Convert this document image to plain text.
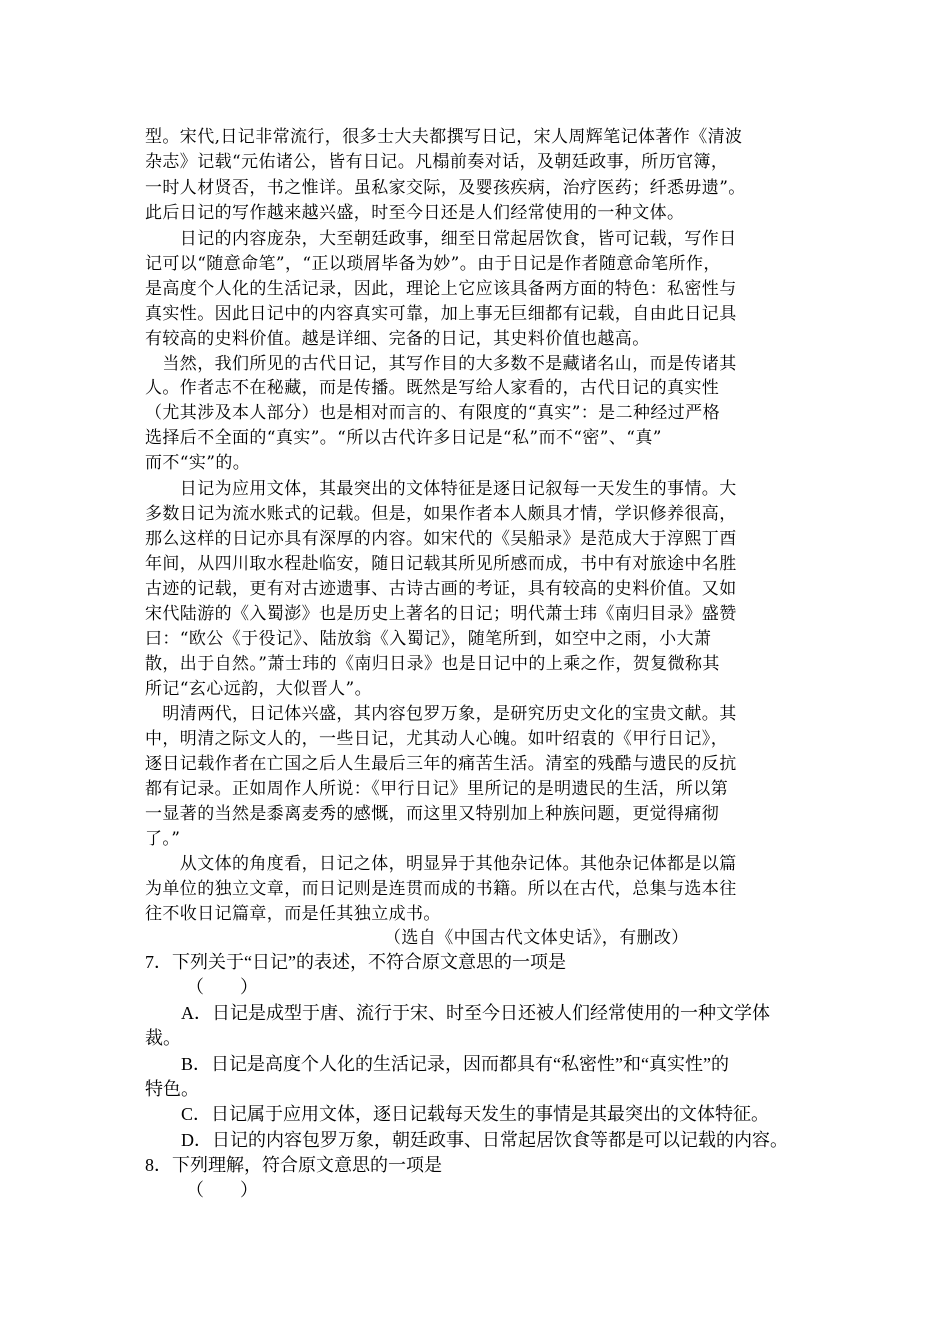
型。宋代,日记非常流行，很多士大夫都撰写日记，宋人周辉笔记体著作《清波
杂志》记载“元佑诸公，皆有日记。凡榻前奏对话，及朝廷政事，所历官簿，
一时人材贤否，书之惟详。虽私家交际，及婴孩疾病，治疗医药；纤悉毋遗”。
此后日记的写作越来越兴盛，时至今日还是人们经常使用的一种文体。
　　日记的内容庞杂，大至朝廷政事，细至日常起居饮食，皆可记载，写作日
记可以“随意命笔”，“正以琐屑毕备为妙”。由于日记是作者随意命笔所作，
是高度个人化的生活记录，因此，理论上它应该具备两方面的特色：私密性与
真实性。因此日记中的内容真实可靠，加上事无巨细都有记载，自由此日记具
有较高的史料价值。越是详细、完备的日记，其史料价值也越高。
　当然，我们所见的古代日记，其写作目的大多数不是藏诸名山，而是传诸其
人。作者志不在秘藏，而是传播。既然是写给人家看的，古代日记的真实性
（尤其涉及本人部分）也是相对而言的、有限度的“真实”：是二种经过严格
选择后不全面的“真实”。“所以古代许多日记是“私”而不“密”、“真”
而不“实”的。
　　日记为应用文体，其最突出的文体特征是逐日记叙每一天发生的事情。大
多数日记为流水账式的记载。但是，如果作者本人颇具才情，学识修养很高，
那么这样的日记亦具有深厚的内容。如宋代的《吴船录》是范成大于淳熙丁酉
年间，从四川取水程赴临安，随日记载其所见所感而成，书中有对旅途中名胜
古迹的记载，更有对古迹遗事、古诗古画的考证，具有较高的史料价值。又如
宋代陆游的《入蜀澎》也是历史上著名的日记；明代萧士玮《南归目录》盛赞
曰：“欧公《于役记》、陆放翁《入蜀记》，随笔所到，如空中之雨，小大萧
散，出于自然。”萧士玮的《南归日录》也是日记中的上乘之作，贺复微称其
所记“玄心远韵，大似晋人”。
　明清两代，日记体兴盛，其内容包罗万象，是研究历史文化的宝贵文献。其
中，明清之际文人的，一些日记，尤其动人心魄。如叶绍袁的《甲行日记》，
逐日记载作者在亡国之后人生最后三年的痛苦生活。清室的残酷与遗民的反抗
都有记录。正如周作人所说：《甲行日记》里所记的是明遗民的生活，所以第
一显著的当然是黍离麦秀的感慨，而这里又特别加上种族问题，更觉得痛彻
了。”
　　从文体的角度看，日记之体，明显异于其他杂记体。其他杂记体都是以篇
为单位的独立文章，而日记则是连贯而成的书籍。所以在古代，总集与选本往
往不收日记篇章，而是任其独立成书。
（选自《中国古代文体史话》，有删改）
7．下列关于“日记”的表述，不符合原文意思的一项是
（　　）
　　A．日记是成型于唐、流行于宋、时至今日还被人们经常使用的一种文学体
裁。
　　B．日记是高度个人化的生活记录，因而都具有“私密性”和“真实性”的
特色。
　　C．日记属于应用文体，逐日记载每天发生的事情是其最突出的文体特征。
　　D．日记的内容包罗万象，朝廷政事、日常起居饮食等都是可以记载的内容。
8．下列理解，符合原文意思的一项是
（　　）
